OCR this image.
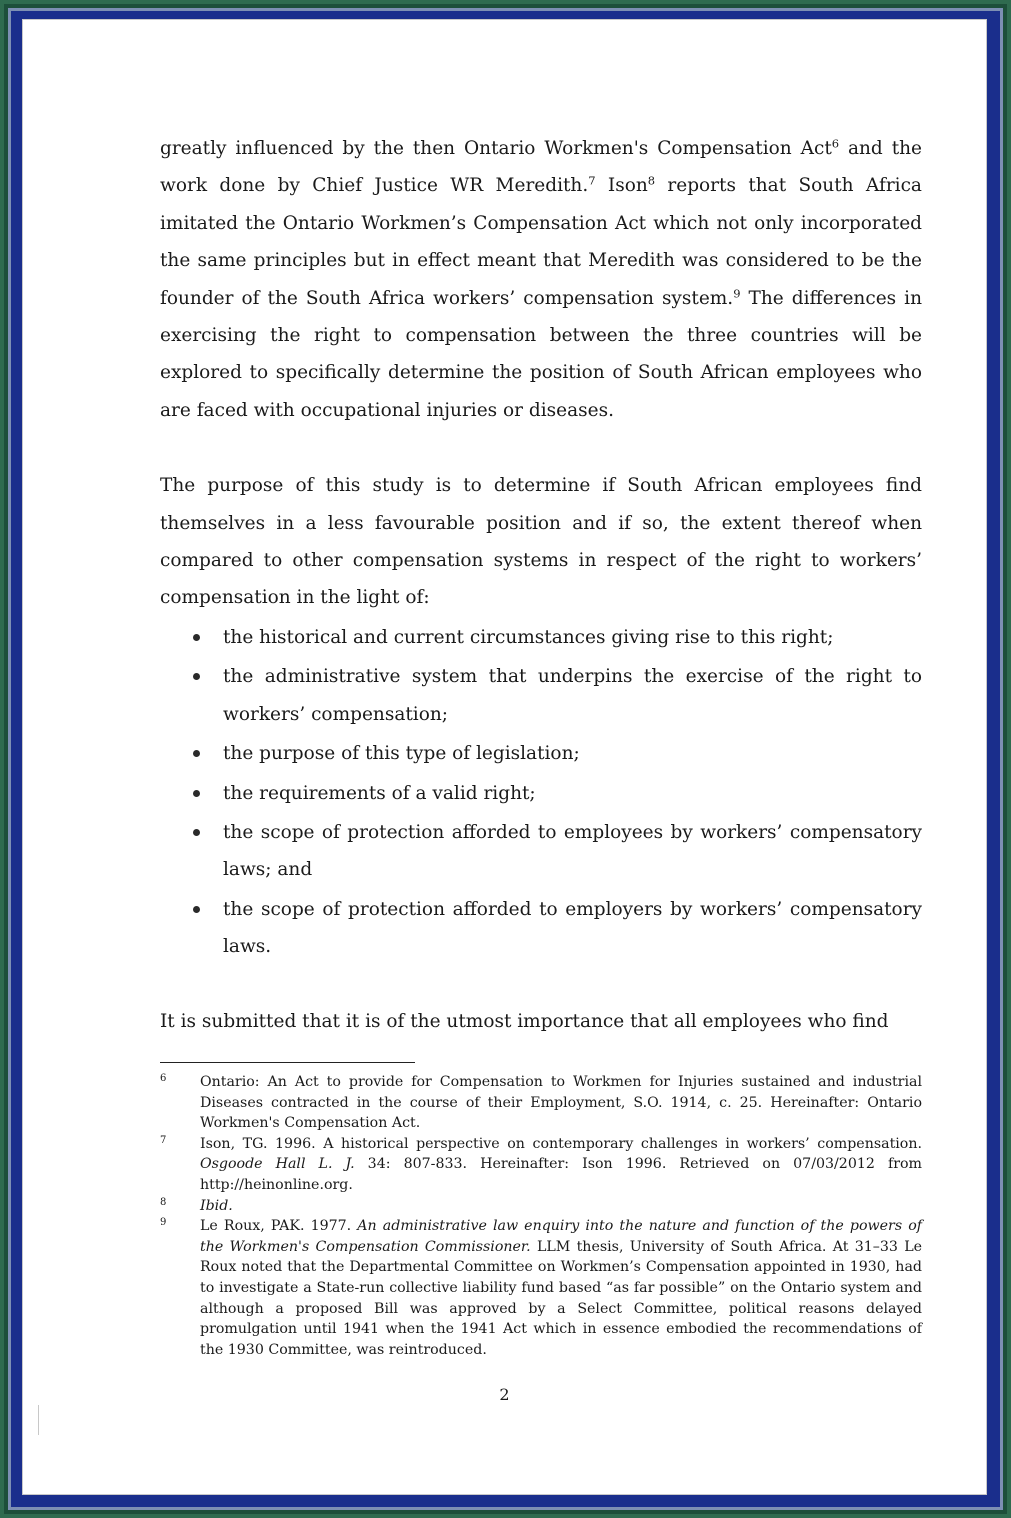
greatly influenced by the then Ontario Workmen's Compensation Act$^6$ and the work done by Chief Justice WR Meredith.$^7$ Ison$^8$ reports that South Africa imitated the Ontario Workmen’s Compensation Act which not only incorporated the same principles but in effect meant that Meredith was considered to be the founder of the South Africa workers’ compensation system.$^9$ The differences in exercising the right to compensation between the three countries will be explored to specifically determine the position of South African employees who are faced with occupational injuries or diseases.

The purpose of this study is to determine if South African employees find themselves in a less favourable position and if so, the extent thereof when compared to other compensation systems in respect of the right to workers’ compensation in the light of:

the historical and current circumstances giving rise to this right;
the administrative system that underpins the exercise of the right to workers’ compensation;
the purpose of this type of legislation;
the requirements of a valid right;
the scope of protection afforded to employees by workers’ compensatory laws; and
the scope of protection afforded to employers by workers’ compensatory laws.

It is submitted that it is of the utmost importance that all employees who find

6 Ontario: An Act to provide for Compensation to Workmen for Injuries sustained and industrial Diseases contracted in the course of their Employment, S.O. 1914, c. 25. Hereinafter: Ontario Workmen's Compensation Act.
7 Ison, TG. 1996. A historical perspective on contemporary challenges in workers’ compensation. Osgoode Hall L. J. 34: 807-833. Hereinafter: Ison 1996. Retrieved on 07/03/2012 from http://heinonline.org.
8 Ibid.
9 Le Roux, PAK. 1977. An administrative law enquiry into the nature and function of the powers of the Workmen's Compensation Commissioner. LLM thesis, University of South Africa. At 31–33 Le Roux noted that the Departmental Committee on Workmen’s Compensation appointed in 1930, had to investigate a State-run collective liability fund based “as far possible” on the Ontario system and although a proposed Bill was approved by a Select Committee, political reasons delayed promulgation until 1941 when the 1941 Act which in essence embodied the recommendations of the 1930 Committee, was reintroduced.
2
